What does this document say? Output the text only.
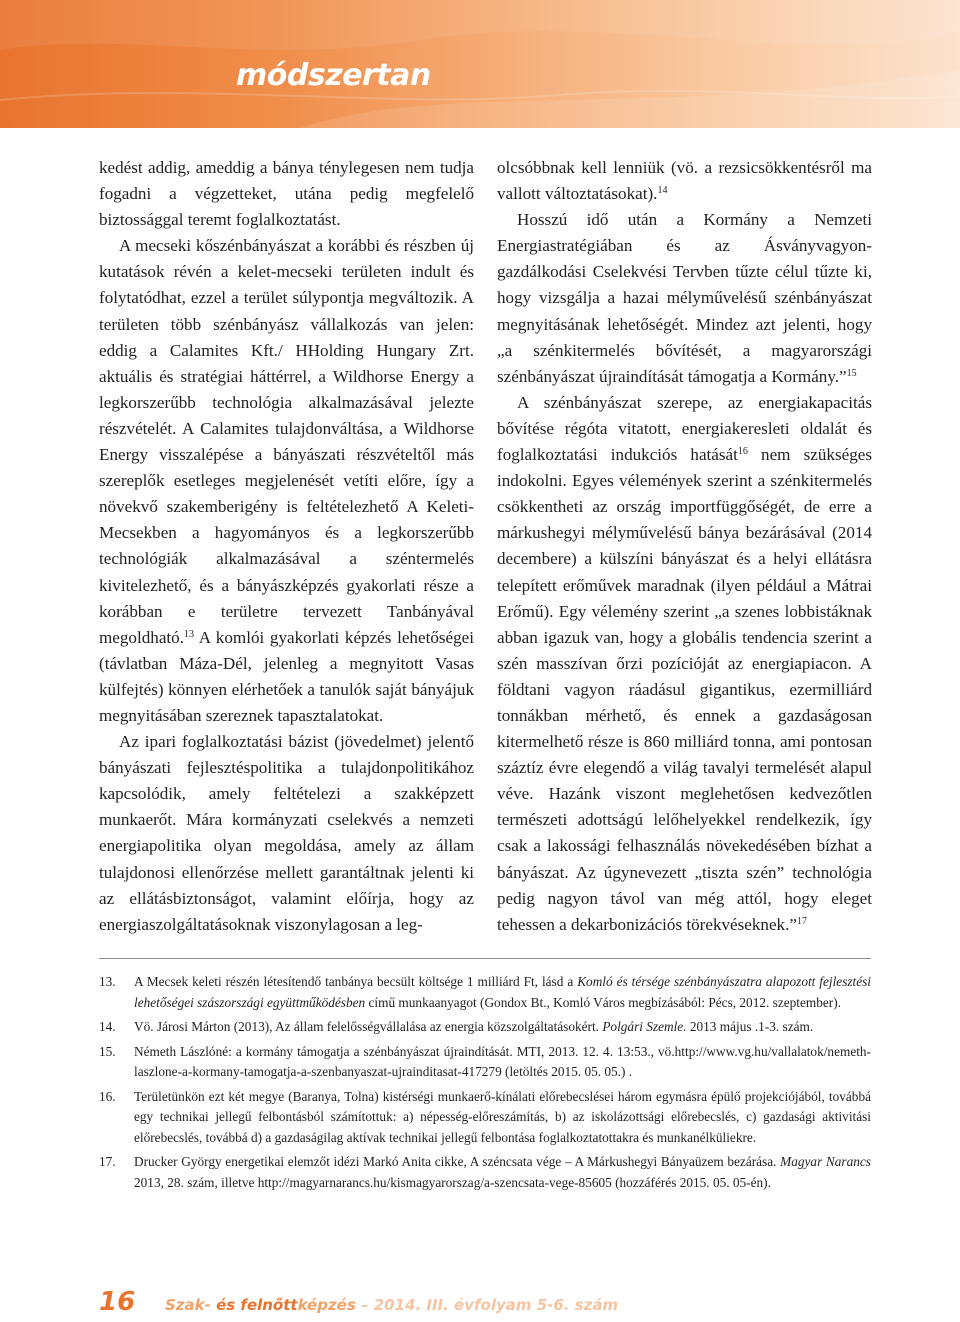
módszertan

kedést addig, ameddig a bánya ténylegesen nem tudja fogadni a végzetteket, utána pedig megfelelő biztossággal teremt foglalkoztatást.

A mecseki kőszénbányászat a korábbi és részben új kutatások révén a kelet-mecseki területen indult és folytatódhat, ezzel a terület súlypontja megváltozik. A területen több szénbányász vállalkozás van jelen: eddig a Calamites Kft./ HHolding Hungary Zrt. aktuális és stratégiai háttérrel, a Wildhorse Energy a legkorszerűbb technológia alkalmazásával jelezte részvételét. A Calamites tulajdonváltása, a Wildhorse Energy visszalépése a bányászati részvételtől más szereplők esetleges megjelenését vetíti előre, így a növekvő szakemberigény is feltételezhető A Keleti-Mecsekben a hagyományos és a legkorszerűbb technológiák alkalmazásával a széntermelés kivitelezhető, és a bányászképzés gyakorlati része a korábban e területre tervezett Tanbányával megoldható.$^{13}$ A komlói gyakorlati képzés lehetőségei (távlatban Máza-Dél, jelenleg a megnyitott Vasas külfejtés) könnyen elérhetőek a tanulók saját bányájuk megnyitásában szereznek tapasztalatokat.

Az ipari foglalkoztatási bázist (jövedelmet) jelentő bányászati fejlesztéspolitika a tulajdonpolitikához kapcsolódik, amely feltételezi a szakképzett munkaerőt. Mára kormányzati cselekvés a nemzeti energiapolitika olyan megoldása, amely az állam tulajdonosi ellenőrzése mellett garantáltnak jelenti ki az ellátásbiztonságot, valamint előírja, hogy az energiaszolgáltatásoknak viszonylagosan a leg-

olcsóbbnak kell lenniük (vö. a rezsicsökkentésről ma vallott változtatásokat).$^{14}$

Hosszú idő után a Kormány a Nemzeti Energiastratégiában és az Ásványvagyon-gazdálkodási Cselekvési Tervben tűzte célul tűzte ki, hogy vizsgálja a hazai mélyművelésű szénbányászat megnyitásának lehetőségét. Mindez azt jelenti, hogy „a szénkitermelés bővítését, a magyarországi szénbányászat újraindítását támogatja a Kormány.”$^{15}$

A szénbányászat szerepe, az energiakapacitás bővítése régóta vitatott, energiakeresleti oldalát és foglalkoztatási indukciós hatását$^{16}$ nem szükséges indokolni. Egyes vélemények szerint a szénkitermelés csökkentheti az ország importfüggőségét, de erre a márkushegyi mélyművelésű bánya bezárásával (2014 decembere) a külszíni bányászat és a helyi ellátásra telepített erőművek maradnak (ilyen például a Mátrai Erőmű). Egy vélemény szerint „a szenes lobbistáknak abban igazuk van, hogy a globális tendencia szerint a szén masszívan őrzi pozícióját az energiapiacon. A földtani vagyon ráadásul gigantikus, ezermilliárd tonnákban mérhető, és ennek a gazdaságosan kitermelhető része is 860 milliárd tonna, ami pontosan száztíz évre elegendő a világ tavalyi termelését alapul véve. Hazánk viszont meglehetősen kedvezőtlen természeti adottságú lelőhelyekkel rendelkezik, így csak a lakossági felhasználás növekedésében bízhat a bányászat. Az úgynevezett „tiszta szén” technológia pedig nagyon távol van még attól, hogy eleget tehessen a dekarbonizációs törekvéseknek.”$^{17}$

13. A Mecsek keleti részén létesítendő tanbánya becsült költsége 1 milliárd Ft, lásd a Komló és térsége szénbányászatra alapozott fejlesztési lehetőségei szászországi együttműködésben című munkaanyagot (Gondox Bt., Komló Város megbízásából: Pécs, 2012. szeptember).
14. Vö. Járosi Márton (2013), Az állam felelősségvállalása az energia közszolgáltatásokért. Polgári Szemle. 2013 május .1-3. szám.
15. Németh Lászlóné: a kormány támogatja a szénbányászat újraindítását. MTI, 2013. 12. 4. 13:53., vö.http://www.vg.hu/vallalatok/nemeth-laszlone-a-kormany-tamogatja-a-szenbanyaszat-ujrainditasat-417279 (letöltés 2015. 05. 05.) .
16. Területünkön ezt két megye (Baranya, Tolna) kistérségi munkaerő-kínálati előrebecslései három egymásra épülő projekciójából, továbbá egy technikai jellegű felbontásból számítottuk: a) népesség-előreszámítás, b) az iskolázottsági előrebecslés, c) gazdasági aktivitási előrebecslés, továbbá d) a gazdaságilag aktívak technikai jellegű felbontása foglalkoztatottakra és munkanélküliekre.
17. Drucker György energetikai elemzőt idézi Markó Anita cikke, A széncsata vége – A Márkushegyi Bányaüzem bezárása. Magyar Narancs 2013, 28. szám, illetve http://magyarnarancs.hu/kismagyarorszag/a-szencsata-vege-85605 (hozzáférés 2015. 05. 05-én).
16 Szak- és felnőttképzés – 2014. III. évfolyam 5-6. szám
